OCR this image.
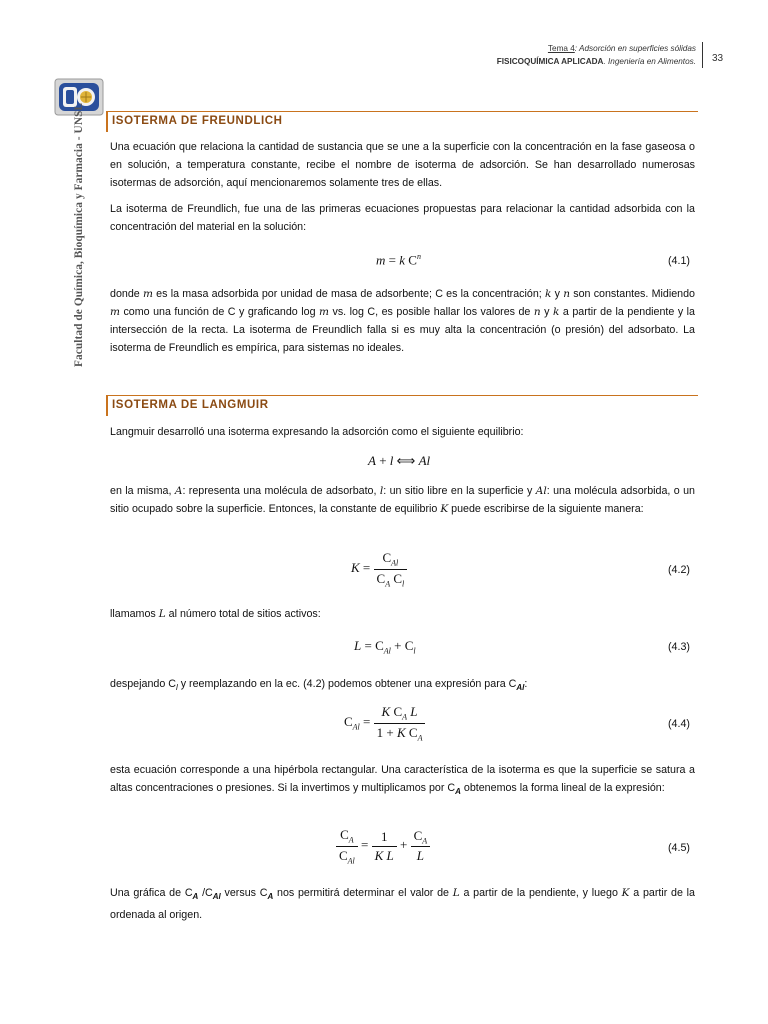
Tema 4: Adsorción en superficies sólidas
FISICOQUÍMICA APLICADA. Ingeniería en Alimentos. 33
Facultad de Química, Bioquímica y Farmacia - UNSL ISOTERMA DE FREUNDLICH
Una ecuación que relaciona la cantidad de sustancia que se une a la superficie con la concentración en la fase gaseosa o en solución, a temperatura constante, recibe el nombre de isoterma de adsorción. Se han desarrollado numerosas isotermas de adsorción, aquí mencionaremos solamente tres de ellas.
La isoterma de Freundlich, fue una de las primeras ecuaciones propuestas para relacionar la cantidad adsorbida con la concentración del material en la solución:
m = k $C^n$	(4.1)
donde m es la masa adsorbida por unidad de masa de adsorbente; C es la concentración; k y n son constantes. Midiendo m como una función de C y graficando log m vs. log C, es posible hallar los valores de n y k a partir de la pendiente y la intersección de la recta. La isoterma de Freundlich falla si es muy alta la concentración (o presión) del adsorbato. La isoterma de Freundlich es empírica, para sistemas no ideales.
ISOTERMA DE LANGMUIR
Langmuir desarrolló una isoterma expresando la adsorción como el siguiente equilibrio:
A + l ⟺ Al
en la misma, A: representa una molécula de adsorbato, l: un sitio libre en la superficie y Al: una molécula adsorbida, o un sitio ocupado sobre la superficie. Entonces, la constante de equilibrio K puede escribirse de la siguiente manera:
$K = \frac{C_{Al}}{C_A C_l}$	(4.2)
llamamos L al número total de sitios activos:
$L = C_{Al} + C_l$	(4.3)
despejando $C_l$ y reemplazando en la ec. (4.2) podemos obtener una expresión para $C_{Al}$:
$C_{Al} = \frac{K C_A L}{1 + K C_A}$	(4.4)
esta ecuación corresponde a una hipérbola rectangular. Una característica de la isoterma es que la superficie se satura a altas concentraciones o presiones. Si la invertimos y multiplicamos por $C_A$ obtenemos la forma lineal de la expresión:
$\frac{C_A}{C_{Al}} = \frac{1}{\text{K L}} + \frac{C_A}{L}$	(4.5)
Una gráfica de $C_A$ $/C_{Al}$ versus $C_A$ nos permitirá determinar el valor de L a partir de la pendiente, y luego K a partir de la ordenada al origen.
